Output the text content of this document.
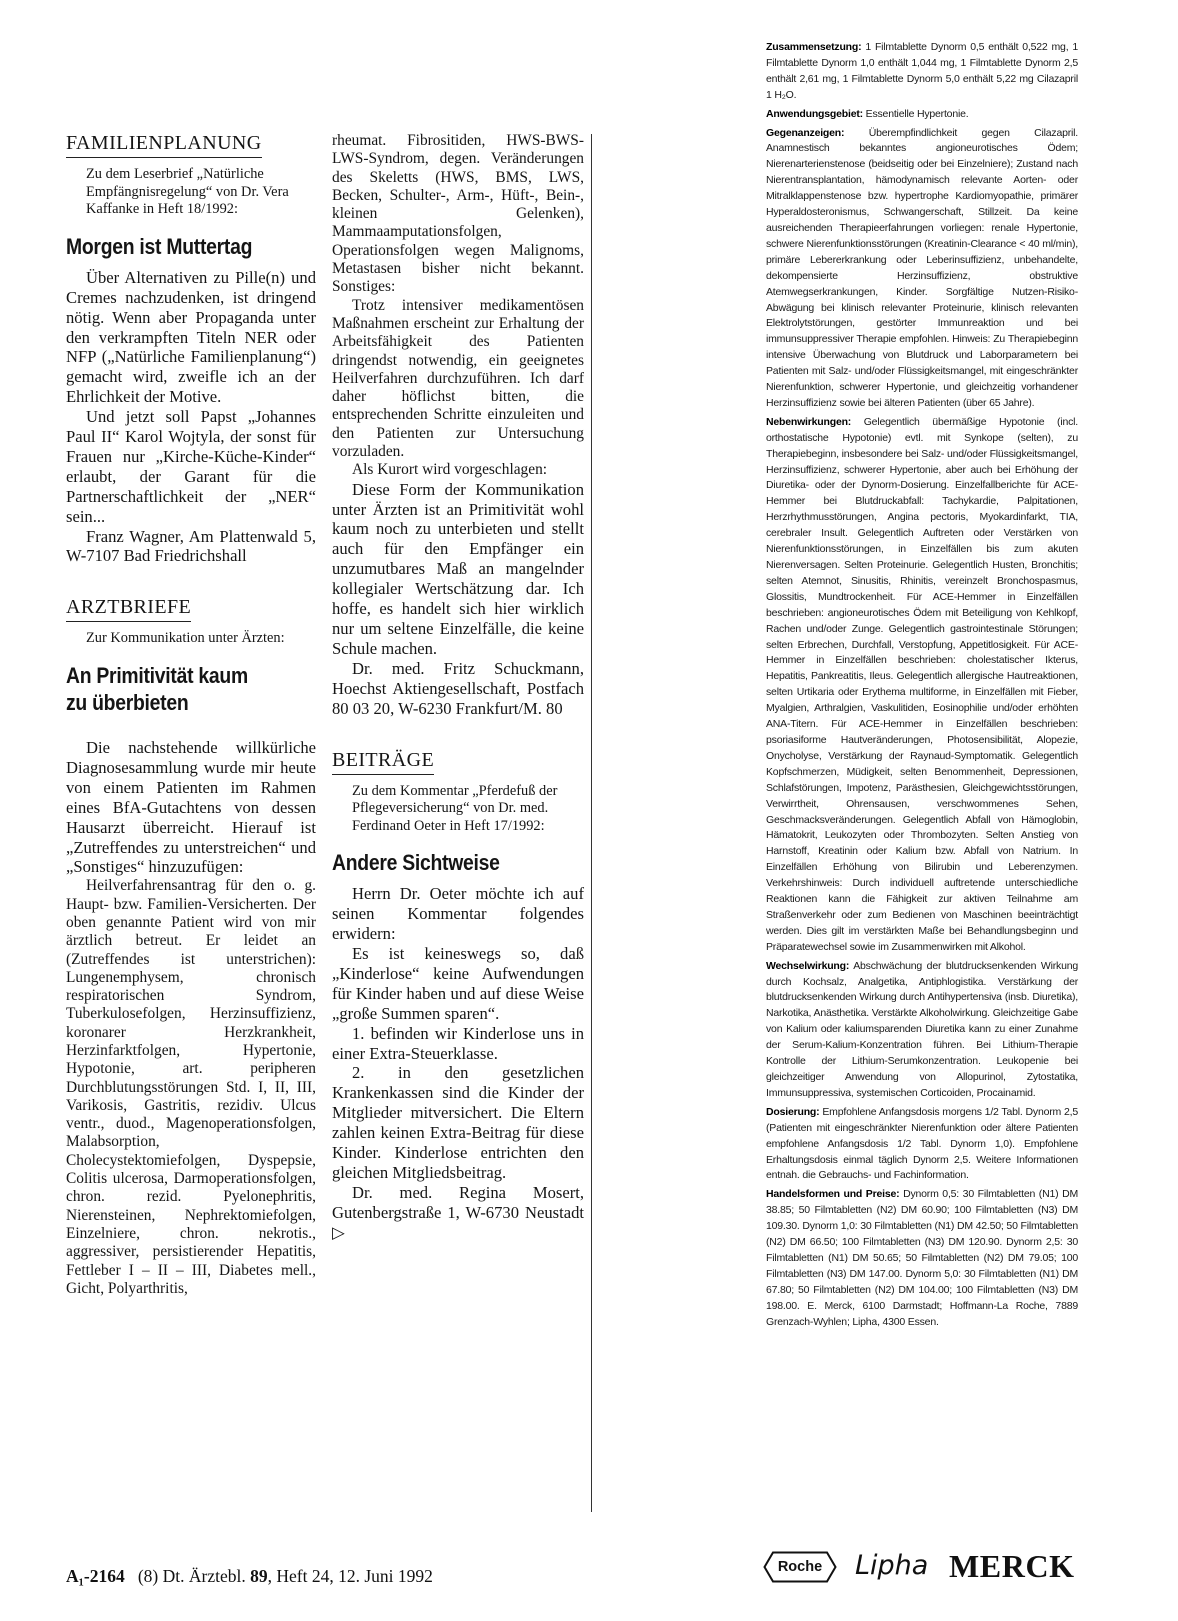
FAMILIENPLANUNG
Zu dem Leserbrief „Natürliche Empfängnisregelung“ von Dr. Vera Kaffanke in Heft 18/1992:
Morgen ist Muttertag

Über Alternativen zu Pille(n) und Cremes nachzudenken, ist dringend nötig. Wenn aber Propaganda unter den verkrampften Titeln NER oder NFP („Natürliche Familienplanung“) gemacht wird, zweifle ich an der Ehrlichkeit der Motive.

Und jetzt soll Papst „Johannes Paul II“ Karol Wojtyla, der sonst für Frauen nur „Kirche-Küche-Kinder“ erlaubt, der Garant für die Partnerschaftlichkeit der „NER“ sein...

Franz Wagner, Am Plattenwald 5, W-7107 Bad Friedrichshall

ARZTBRIEFE
Zur Kommunikation unter Ärzten:
An Primitivität kaum
zu überbieten

Die nachstehende willkürliche Diagnosesammlung wurde mir heute von einem Patienten im Rahmen eines BfA-Gutachtens von dessen Hausarzt überreicht. Hierauf ist „Zutreffendes zu unterstreichen“ und „Sonstiges“ hinzuzufügen:

Heilverfahrensantrag für den o. g. Haupt- bzw. Familien-Versicherten. Der oben genannte Patient wird von mir ärztlich betreut. Er leidet an (Zutreffendes ist unterstrichen): Lungenemphysem, chronisch respiratorischen Syndrom, Tuberkulosefolgen, Herzinsuffizienz, koronarer Herzkrankheit, Herzinfarktfolgen, Hypertonie, Hypotonie, art. peripheren Durchblutungsstörungen Std. I, II, III, Varikosis, Gastritis, rezidiv. Ulcus ventr., duod., Magenoperationsfolgen, Malabsorption, Cholecystektomiefolgen, Dyspepsie, Colitis ulcerosa, Darmoperationsfolgen, chron. rezid. Pyelonephritis, Nierensteinen, Nephrektomiefolgen, Einzelniere, chron. nekrotis., aggressiver, persistierender Hepatitis, Fettleber I – II – III, Diabetes mell., Gicht, Polyarthritis,

rheumat. Fibrositiden, HWS-BWS-LWS-Syndrom, degen. Veränderungen des Skeletts (HWS, BMS, LWS, Becken, Schulter-, Arm-, Hüft-, Bein-, kleinen Gelenken), Mammaamputationsfolgen, Operationsfolgen wegen Malignoms, Metastasen bisher nicht bekannt. Sonstiges:

Trotz intensiver medikamentösen Maßnahmen erscheint zur Erhaltung der Arbeitsfähigkeit des Patienten dringendst notwendig, ein geeignetes Heilverfahren durchzuführen. Ich darf daher höflichst bitten, die entsprechenden Schritte einzuleiten und den Patienten zur Untersuchung vorzuladen.

Als Kurort wird vorgeschlagen:

Diese Form der Kommunikation unter Ärzten ist an Primitivität wohl kaum noch zu unterbieten und stellt auch für den Empfänger ein unzumutbares Maß an mangelnder kollegialer Wertschätzung dar. Ich hoffe, es handelt sich hier wirklich nur um seltene Einzelfälle, die keine Schule machen.

Dr. med. Fritz Schuckmann, Hoechst Aktiengesellschaft, Postfach 80 03 20, W-6230 Frankfurt/M. 80

BEITRÄGE
Zu dem Kommentar „Pferdefuß der Pflegeversicherung“ von Dr. med. Ferdinand Oeter in Heft 17/1992:
Andere Sichtweise

Herrn Dr. Oeter möchte ich auf seinen Kommentar folgendes erwidern:

Es ist keineswegs so, daß „Kinderlose“ keine Aufwendungen für Kinder haben und auf diese Weise „große Summen sparen“.

1. befinden wir Kinderlose uns in einer Extra-Steuerklasse.

2. in den gesetzlichen Krankenkassen sind die Kinder der Mitglieder mitversichert. Die Eltern zahlen keinen Extra-Beitrag für diese Kinder. Kinderlose entrichten den gleichen Mitgliedsbeitrag.

Dr. med. Regina Mosert, Gutenbergstraße 1, W-6730 Neustadt ▷

Zusammensetzung: 1 Filmtablette Dynorm 0,5 enthält 0,522 mg, 1 Filmtablette Dynorm 1,0 enthält 1,044 mg, 1 Filmtablette Dynorm 2,5 enthält 2,61 mg, 1 Filmtablette Dynorm 5,0 enthält 5,22 mg Cilazapril 1 H₂O.

Anwendungsgebiet: Essentielle Hypertonie.

Gegenanzeigen: Überempfindlichkeit gegen Cilazapril. Anamnestisch bekanntes angioneurotisches Ödem; Nierenarterienstenose (beidseitig oder bei Einzelniere); Zustand nach Nierentransplantation, hämodynamisch relevante Aorten- oder Mitralklappenstenose bzw. hypertrophe Kardiomyopathie, primärer Hyperaldosteronismus, Schwangerschaft, Stillzeit. Da keine ausreichenden Therapieerfahrungen vorliegen: renale Hypertonie, schwere Nierenfunktionsstörungen (Kreatinin-Clearance < 40 ml/min), primäre Lebererkrankung oder Leberinsuffizienz, unbehandelte, dekompensierte Herzinsuffizienz, obstruktive Atemwegserkrankungen, Kinder. Sorgfältige Nutzen-Risiko-Abwägung bei klinisch relevanter Proteinurie, klinisch relevanten Elektrolytstörungen, gestörter Immunreaktion und bei immunsuppressiver Therapie empfohlen. Hinweis: Zu Therapiebeginn intensive Überwachung von Blutdruck und Laborparametern bei Patienten mit Salz- und/oder Flüssigkeitsmangel, mit eingeschränkter Nierenfunktion, schwerer Hypertonie, und gleichzeitig vorhandener Herzinsuffizienz sowie bei älteren Patienten (über 65 Jahre).

Nebenwirkungen: Gelegentlich übermäßige Hypotonie (incl. orthostatische Hypotonie) evtl. mit Synkope (selten), zu Therapiebeginn, insbesondere bei Salz- und/oder Flüssigkeitsmangel, Herzinsuffizienz, schwerer Hypertonie, aber auch bei Erhöhung der Diuretika- oder der Dynorm-Dosierung. Einzelfallberichte für ACE-Hemmer bei Blutdruckabfall: Tachykardie, Palpitationen, Herzrhythmusstörungen, Angina pectoris, Myokardinfarkt, TIA, cerebraler Insult. Gelegentlich Auftreten oder Verstärken von Nierenfunktionsstörungen, in Einzelfällen bis zum akuten Nierenversagen. Selten Proteinurie. Gelegentlich Husten, Bronchitis; selten Atemnot, Sinusitis, Rhinitis, vereinzelt Bronchospasmus, Glossitis, Mundtrockenheit. Für ACE-Hemmer in Einzelfällen beschrieben: angioneurotisches Ödem mit Beteiligung von Kehlkopf, Rachen und/oder Zunge. Gelegentlich gastrointestinale Störungen; selten Erbrechen, Durchfall, Verstopfung, Appetitlosigkeit. Für ACE-Hemmer in Einzelfällen beschrieben: cholestatischer Ikterus, Hepatitis, Pankreatitis, Ileus. Gelegentlich allergische Hautreaktionen, selten Urtikaria oder Erythema multiforme, in Einzelfällen mit Fieber, Myalgien, Arthralgien, Vaskulitiden, Eosinophilie und/oder erhöhten ANA-Titern. Für ACE-Hemmer in Einzelfällen beschrieben: psoriasiforme Hautveränderungen, Photosensibilität, Alopezie, Onycholyse, Verstärkung der Raynaud-Symptomatik. Gelegentlich Kopfschmerzen, Müdigkeit, selten Benommenheit, Depressionen, Schlafstörungen, Impotenz, Parästhesien, Gleichgewichtsstörungen, Verwirrtheit, Ohrensausen, verschwommenes Sehen, Geschmacksveränderungen. Gelegentlich Abfall von Hämoglobin, Hämatokrit, Leukozyten oder Thrombozyten. Selten Anstieg von Harnstoff, Kreatinin oder Kalium bzw. Abfall von Natrium. In Einzelfällen Erhöhung von Bilirubin und Leberenzymen. Verkehrshinweis: Durch individuell auftretende unterschiedliche Reaktionen kann die Fähigkeit zur aktiven Teilnahme am Straßenverkehr oder zum Bedienen von Maschinen beeinträchtigt werden. Dies gilt im verstärkten Maße bei Behandlungsbeginn und Präparatewechsel sowie im Zusammenwirken mit Alkohol.

Wechselwirkung: Abschwächung der blutdrucksenkenden Wirkung durch Kochsalz, Analgetika, Antiphlogistika. Verstärkung der blutdrucksenkenden Wirkung durch Antihypertensiva (insb. Diuretika), Narkotika, Anästhetika. Verstärkte Alkoholwirkung. Gleichzeitige Gabe von Kalium oder kaliumsparenden Diuretika kann zu einer Zunahme der Serum-Kalium-Konzentration führen. Bei Lithium-Therapie Kontrolle der Lithium-Serumkonzentration. Leukopenie bei gleichzeitiger Anwendung von Allopurinol, Zytostatika, Immunsuppressiva, systemischen Corticoiden, Procainamid.

Dosierung: Empfohlene Anfangsdosis morgens 1/2 Tabl. Dynorm 2,5 (Patienten mit eingeschränkter Nierenfunktion oder ältere Patienten empfohlene Anfangsdosis 1/2 Tabl. Dynorm 1,0). Empfohlene Erhaltungsdosis einmal täglich Dynorm 2,5. Weitere Informationen entnah. die Gebrauchs- und Fachinformation.

Handelsformen und Preise: Dynorm 0,5: 30 Filmtabletten (N1) DM 38.85; 50 Filmtabletten (N2) DM 60.90; 100 Filmtabletten (N3) DM 109.30. Dynorm 1,0: 30 Filmtabletten (N1) DM 42.50; 50 Filmtabletten (N2) DM 66.50; 100 Filmtabletten (N3) DM 120.90. Dynorm 2,5: 30 Filmtabletten (N1) DM 50.65; 50 Filmtabletten (N2) DM 79.05; 100 Filmtabletten (N3) DM 147.00. Dynorm 5,0: 30 Filmtabletten (N1) DM 67.80; 50 Filmtabletten (N2) DM 104.00; 100 Filmtabletten (N3) DM 198.00. E. Merck, 6100 Darmstadt; Hoffmann-La Roche, 7889 Grenzach-Wyhlen; Lipha, 4300 Essen.

A₁-2164 (8) Dt. Ärztebl. 89, Heft 24, 12. Juni 1992	Roche	Lipha MERCK
